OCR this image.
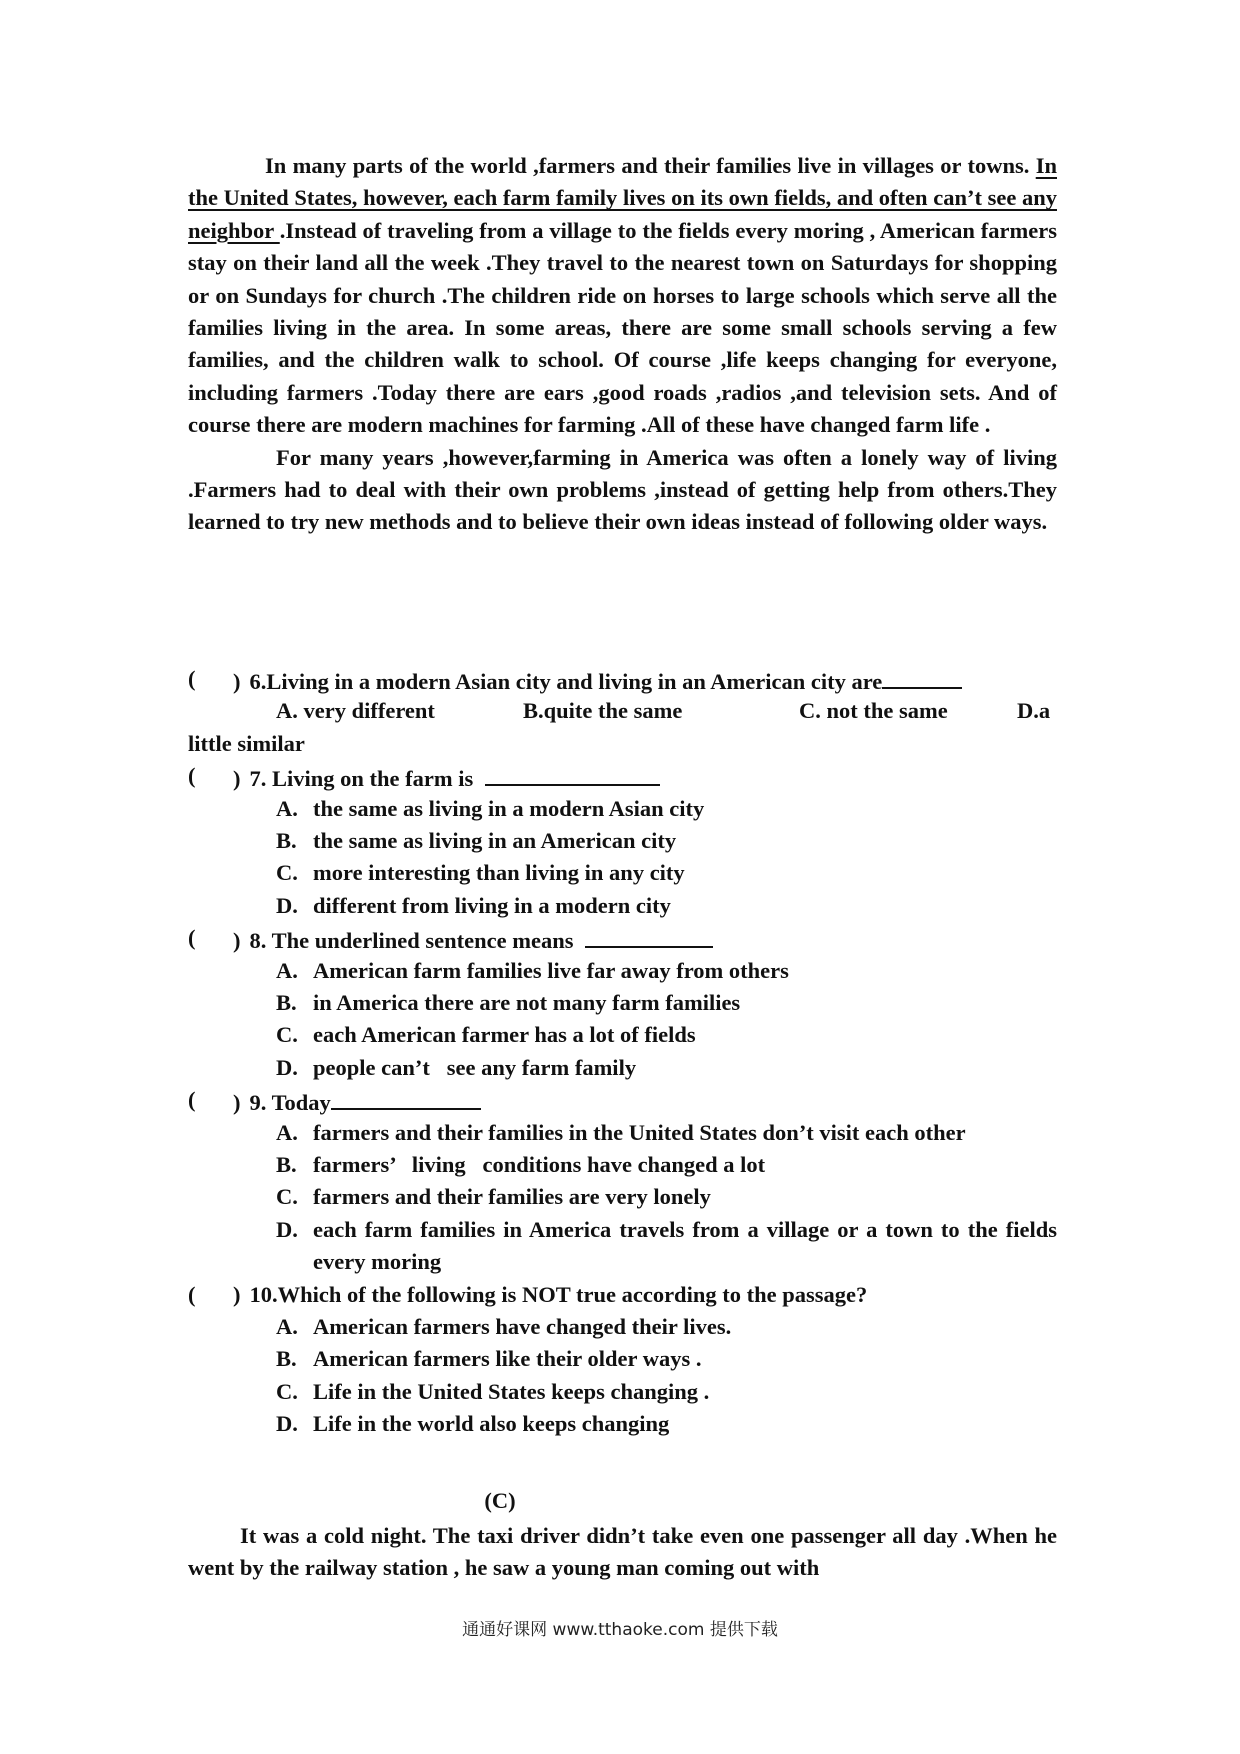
In many parts of the world ,farmers and their families live in villages or towns. In the United States, however, each farm family lives on its own fields, and often can’t see any neighbor .Instead of traveling from a village to the fields every moring , American farmers stay on their land all the week .They travel to the nearest town on Saturdays for shopping or on Sundays for church .The children ride on horses to large schools which serve all the families living in the area. In some areas, there are some small schools serving a few families, and the children walk to school. Of course ,life keeps changing for everyone, including farmers .Today there are ears ,good roads ,radios ,and television sets. And of course there are modern machines for farming .All of these have changed farm life .

For many years ,however,farming in America was often a lonely way of living .Farmers had to deal with their own problems ,instead of getting help from others.They learned to try new methods and to believe their own ideas instead of following older ways.

( ) 6.Living in a modern Asian city and living in an American city are
A. very different	B.quite the same	C. not the same	D.a
little similar
( ) 7. Living on the farm is
A. the same as living in a modern Asian city
B. the same as living in an American city
C. more interesting than living in any city
D. different from living in a modern city
( ) 8. The underlined sentence means
A. American farm families live far away from others
B. in America there are not many farm families
C. each American farmer has a lot of fields
D. people can’t   see any farm family
( ) 9. Today
A. farmers and their families in the United States don’t visit each other
B. farmers’   living   conditions have changed a lot
C. farmers and their families are very lonely
D. each farm families in America travels from a village or a town to the fields every moring
( ) 10.Which of the following is NOT true according to the passage?
A. American farmers have changed their lives.
B. American farmers like their older ways .
C. Life in the United States keeps changing .
D. Life in the world also keeps changing
(C)

It was a cold night. The taxi driver didn’t take even one passenger all day .When he went by the railway station , he saw a young man coming out with

通通好课网 www.tthaoke.com 提供下载
